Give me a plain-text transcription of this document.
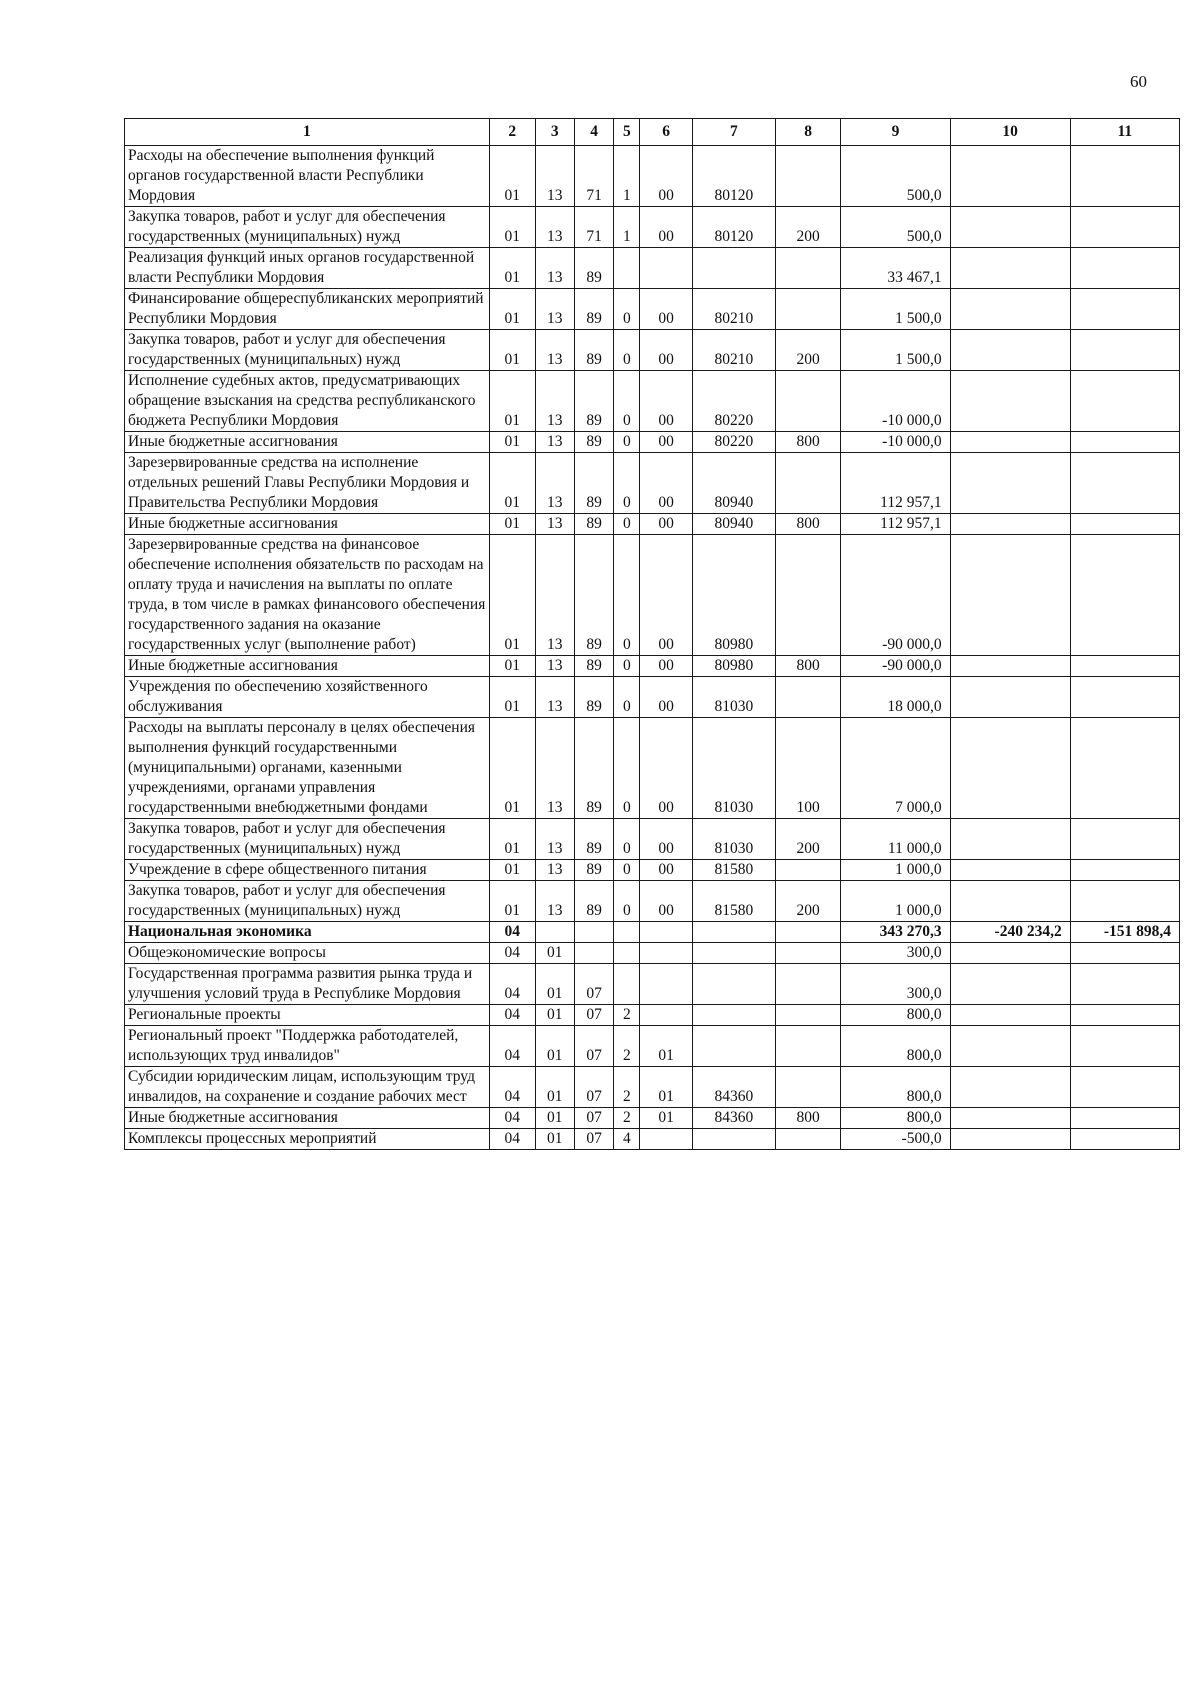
60
1	2	3	4	5	6	7	8	9	10	11
Расходы на обеспечение выполнения функций органов государственной власти Республики Мордовия	01	13	71	1	00	80120		500,0		
Закупка товаров, работ и услуг для обеспечения государственных (муниципальных) нужд	01	13	71	1	00	80120	200	500,0		
Реализация функций иных органов государственной власти Республики Мордовия	01	13	89					33 467,1		
Финансирование общереспубликанских мероприятий Республики Мордовия	01	13	89	0	00	80210		1 500,0		
Закупка товаров, работ и услуг для обеспечения государственных (муниципальных) нужд	01	13	89	0	00	80210	200	1 500,0		
Исполнение судебных актов, предусматривающих обращение взыскания на средства республиканского бюджета Республики Мордовия	01	13	89	0	00	80220		-10 000,0		
Иные бюджетные ассигнования	01	13	89	0	00	80220	800	-10 000,0		
Зарезервированные средства на исполнение отдельных решений Главы Республики Мордовия и Правительства Республики Мордовия	01	13	89	0	00	80940		112 957,1		
Иные бюджетные ассигнования	01	13	89	0	00	80940	800	112 957,1		
Зарезервированные средства на финансовое обеспечение исполнения обязательств по расходам на оплату труда и начисления на выплаты по оплате труда, в том числе в рамках финансового обеспечения государственного задания на оказание государственных услуг (выполнение работ)	01	13	89	0	00	80980		-90 000,0		
Иные бюджетные ассигнования	01	13	89	0	00	80980	800	-90 000,0		
Учреждения по обеспечению хозяйственного обслуживания	01	13	89	0	00	81030		18 000,0		
Расходы на выплаты персоналу в целях обеспечения выполнения функций государственными (муниципальными) органами, казенными учреждениями, органами управления государственными внебюджетными фондами	01	13	89	0	00	81030	100	7 000,0		
Закупка товаров, работ и услуг для обеспечения государственных (муниципальных) нужд	01	13	89	0	00	81030	200	11 000,0		
Учреждение в сфере общественного питания	01	13	89	0	00	81580		1 000,0		
Закупка товаров, работ и услуг для обеспечения государственных (муниципальных) нужд	01	13	89	0	00	81580	200	1 000,0		
Национальная экономика	04							343 270,3	-240 234,2	-151 898,4
Общеэкономические вопросы	04	01						300,0		
Государственная программа развития рынка труда и улучшения условий труда в Республике Мордовия	04	01	07					300,0		
Региональные проекты	04	01	07	2				800,0		
Региональный проект "Поддержка работодателей, использующих труд инвалидов"	04	01	07	2	01			800,0		
Субсидии юридическим лицам, использующим труд инвалидов, на сохранение и создание рабочих мест	04	01	07	2	01	84360		800,0		
Иные бюджетные ассигнования	04	01	07	2	01	84360	800	800,0		
Комплексы процессных мероприятий	04	01	07	4				-500,0		
